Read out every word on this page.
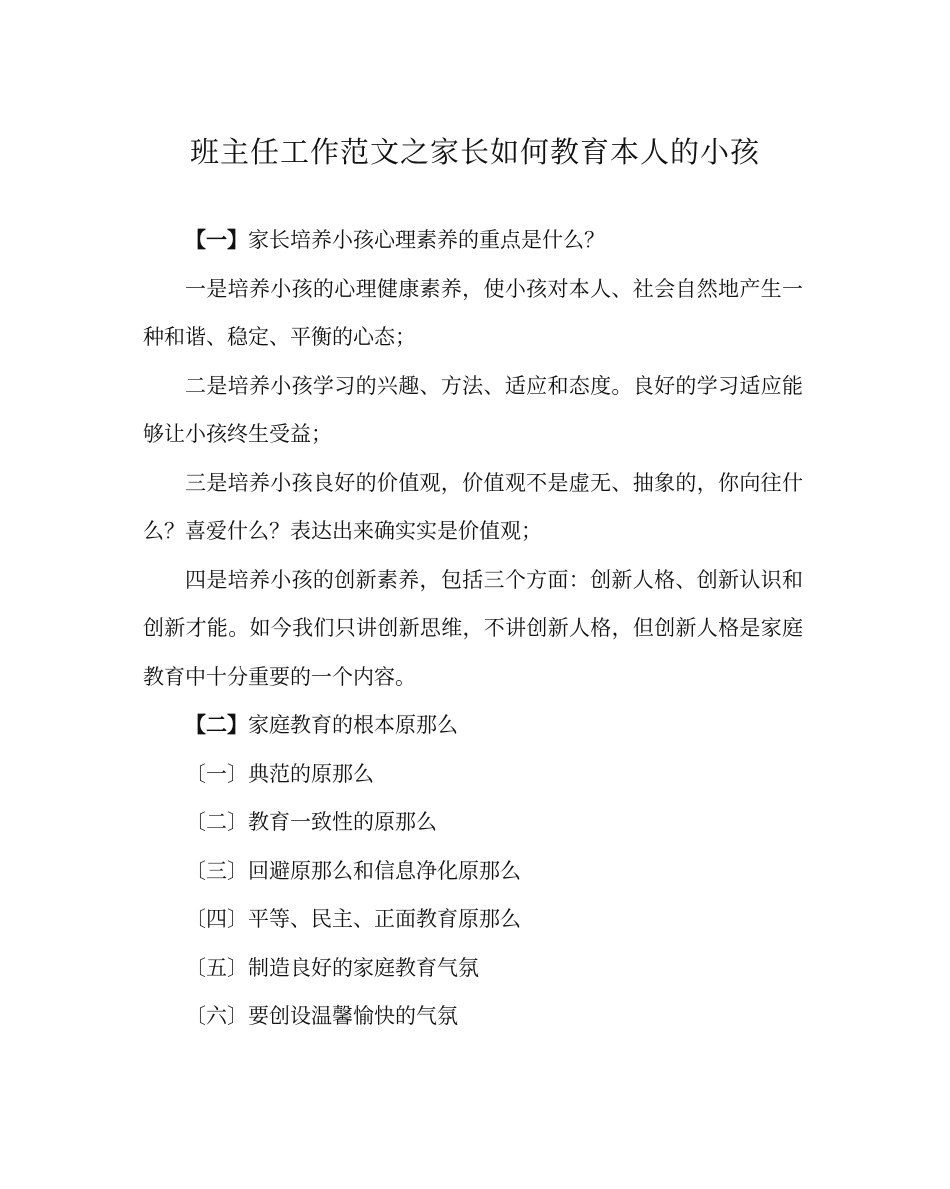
班主任工作范文之家长如何教育本人的小孩

【一】家长培养小孩心理素养的重点是什么？

一是培养小孩的心理健康素养，使小孩对本人、社会自然地产生一种和谐、稳定、平衡的心态；

二是培养小孩学习的兴趣、方法、适应和态度。良好的学习适应能够让小孩终生受益；

三是培养小孩良好的价值观，价值观不是虚无、抽象的，你向往什么？喜爱什么？表达出来确实实是价值观；

四是培养小孩的创新素养，包括三个方面：创新人格、创新认识和创新才能。如今我们只讲创新思维，不讲创新人格，但创新人格是家庭教育中十分重要的一个内容。

【二】家庭教育的根本原那么

〔一〕典范的原那么

〔二〕教育一致性的原那么

〔三〕回避原那么和信息净化原那么

〔四〕平等、民主、正面教育原那么

〔五〕制造良好的家庭教育气氛

〔六〕要创设温馨愉快的气氛
